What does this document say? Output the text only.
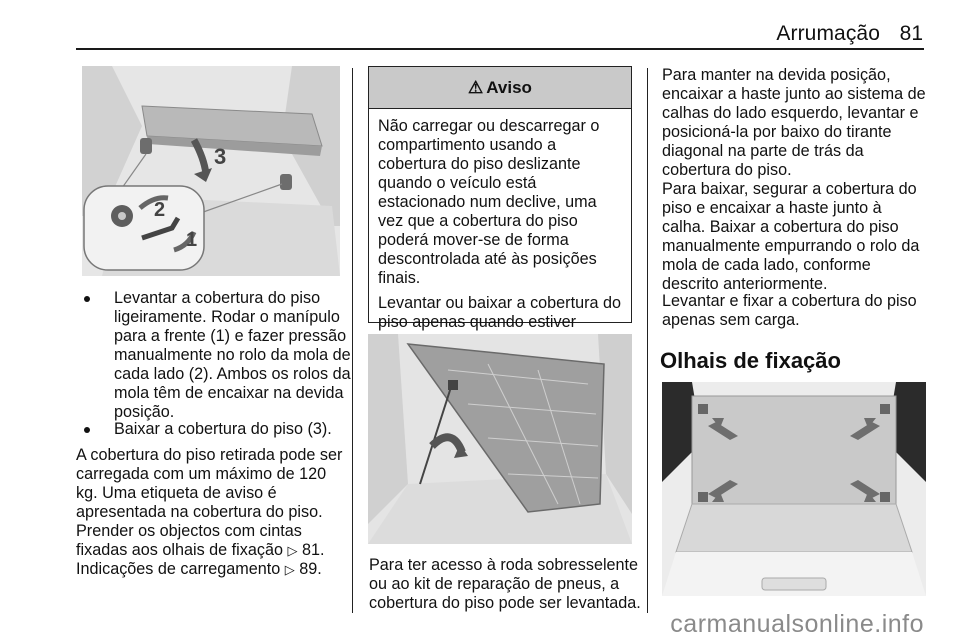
Arrumação 81
3
2
1
Levantar a cobertura do piso ligeiramente. Rodar o manípulo para a frente (1) e fazer pressão manualmente no rolo da mola de cada lado (2). Ambos os rolos da mola têm de encaixar na devida posição.
Baixar a cobertura do piso (3).
A cobertura do piso retirada pode ser carregada com um máximo de 120 kg. Uma etiqueta de aviso é apresentada na cobertura do piso.
Prender os objectos com cintas fixadas aos olhais de fixação ▷ 81.
Indicações de carregamento ▷ 89.
⚠ Aviso

Não carregar ou descarregar o compartimento usando a cobertura do piso deslizante quando o veículo está estacionado num declive, uma vez que a cobertura do piso poderá mover-se de forma descontrolada até às posições finais.

Levantar ou baixar a cobertura do piso apenas quando estiver

Para ter acesso à roda sobresselente ou ao kit de reparação de pneus, a cobertura do piso pode ser levantada.
Para manter na devida posição, encaixar a haste junto ao sistema de calhas do lado esquerdo, levantar e posicioná-la por baixo do tirante diagonal na parte de trás da cobertura do piso.
Para baixar, segurar a cobertura do piso e encaixar a haste junto à calha. Baixar a cobertura do piso manualmente empurrando o rolo da mola de cada lado, conforme descrito anteriormente.
Levantar e fixar a cobertura do piso apenas sem carga.
Olhais de fixação
carmanualsonline.info
